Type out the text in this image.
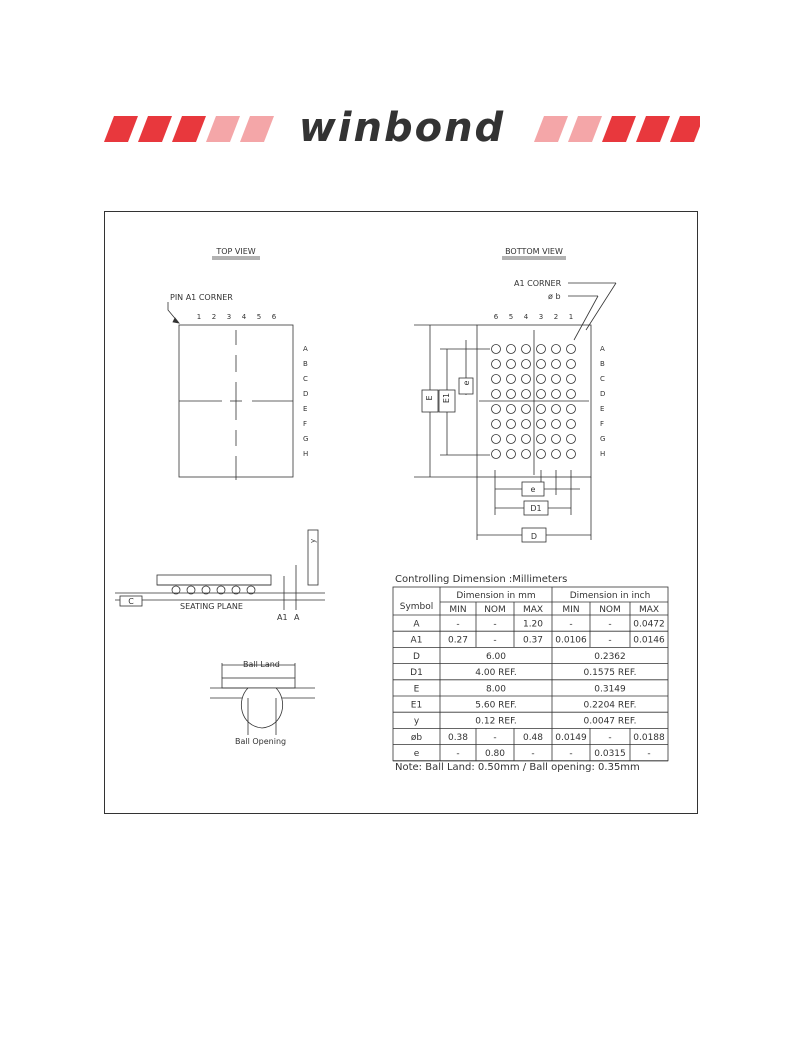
winbond
TOP VIEW
PIN A1 CORNER
1 2 3 4 5 6
A
B
C
D
E
F
G
H
BOTTOM VIEW
A1 CORNER
ø b
6 5 4 3 2 1
A
B
C
D
E
F
G
H
E E1
e
e
D1
D
y
C
SEATING PLANE
A1 A
Ball Land
Ball Opening
Controlling Dimension :Millimeters
Symbol
Dimension in mm	Dimension in inch
MIN NOM MAX MIN NOM MAX
A	-	-	1.20	-	- 0.0472
A1	0.27	-	0.37 0.0106 - 0.0146
D	6.00	0.2362
D1	4.00 REF.	0.1575 REF.
E	8.00	0.3149
E1	5.60 REF.	0.2204 REF.
y	0.12 REF.	0.0047 REF.
øb	0.38	-	0.48 0.0149 - 0.0188
e	-	0.80	-	- 0.0315 -
Note: Ball Land: 0.50mm / Ball opening: 0.35mm
